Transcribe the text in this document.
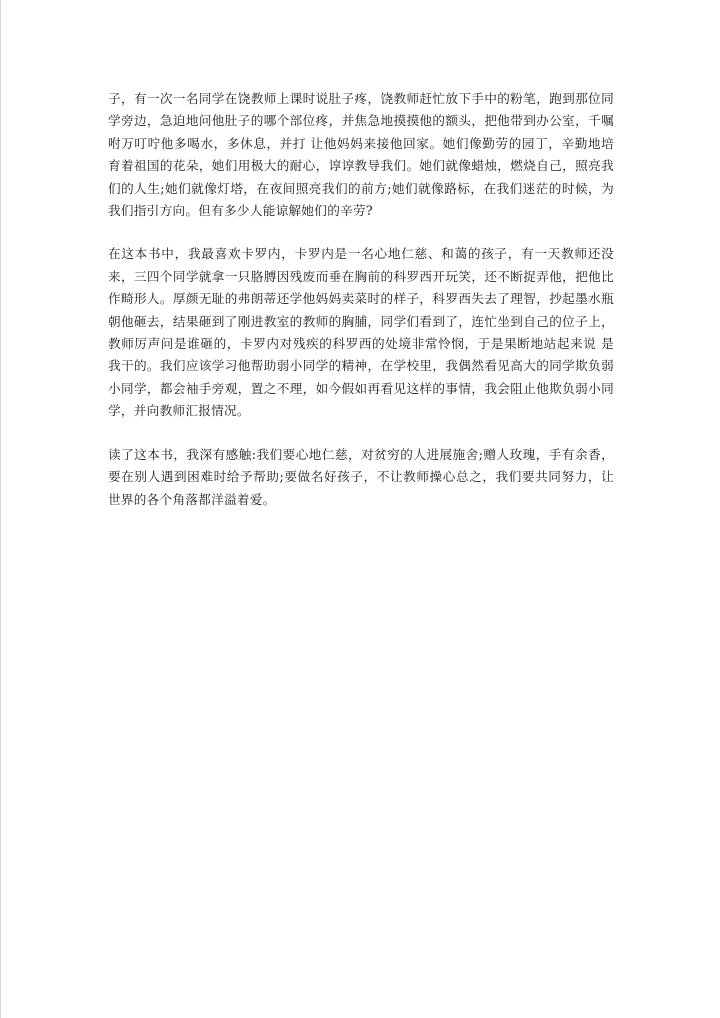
子，有一次一名同学在饶教师上课时说肚子疼，饶教师赶忙放下手中的粉笔，跑到那位同学旁边，急迫地问他肚子的哪个部位疼，并焦急地摸摸他的额头，把他带到办公室，千嘱咐万叮咛他多喝水，多休息，并打 让他妈妈来接他回家。她们像勤劳的园丁，辛勤地培育着祖国的花朵，她们用极大的耐心，谆谆教导我们。她们就像蜡烛，燃烧自己，照亮我们的人生;她们就像灯塔，在夜间照亮我们的前方;她们就像路标，在我们迷茫的时候，为我们指引方向。但有多少人能谅解她们的辛劳?

在这本书中，我最喜欢卡罗内，卡罗内是一名心地仁慈、和蔼的孩子，有一天教师还没来，三四个同学就拿一只胳膊因残废而垂在胸前的科罗西开玩笑，还不断捉弄他，把他比作畸形人。厚颜无耻的弗朗蒂还学他妈妈卖菜时的样子，科罗西失去了理智，抄起墨水瓶朝他砸去，结果砸到了刚进教室的教师的胸脯，同学们看到了，连忙坐到自己的位子上，教师厉声问是谁砸的，卡罗内对残疾的科罗西的处境非常怜悯，于是果断地站起来说 是我干的。我们应该学习他帮助弱小同学的精神，在学校里，我偶然看见高大的同学欺负弱小同学，都会袖手旁观，置之不理，如今假如再看见这样的事情，我会阻止他欺负弱小同学，并向教师汇报情况。

读了这本书，我深有感触:我们要心地仁慈，对贫穷的人进展施舍;赠人玫瑰，手有余香，要在别人遇到困难时给予帮助;要做名好孩子，不让教师操心总之，我们要共同努力，让世界的各个角落都洋溢着爱。
